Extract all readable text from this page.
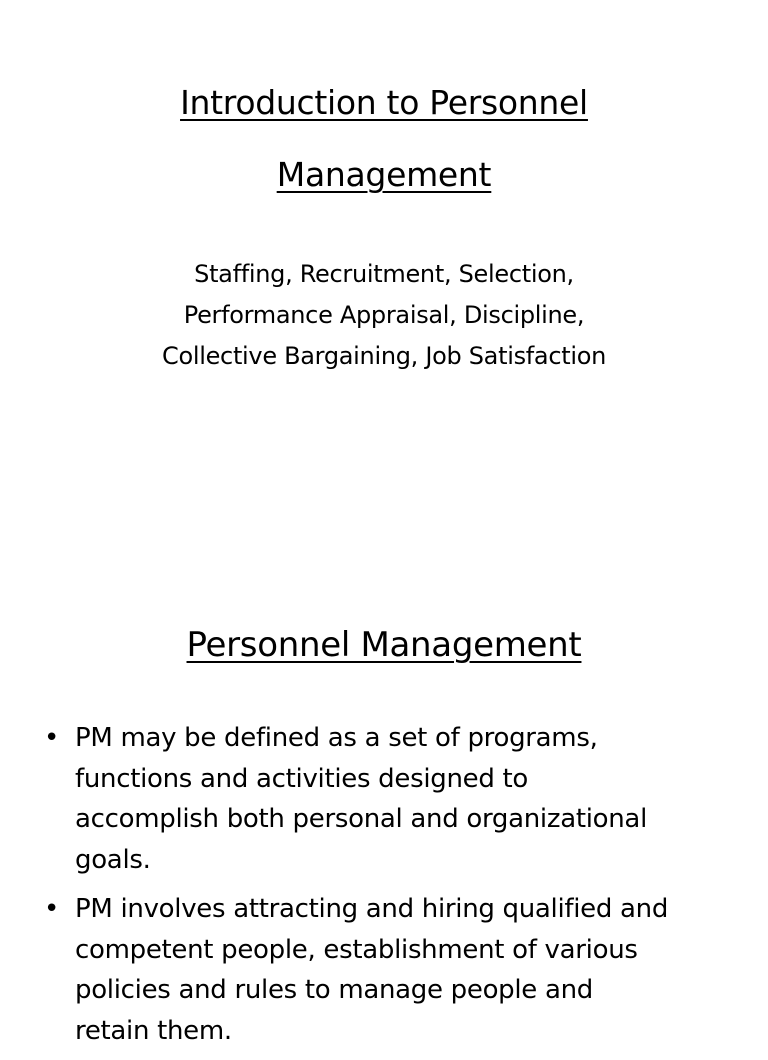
Introduction to Personnel
Management
Staffing, Recruitment, Selection,
Performance Appraisal, Discipline,
Collective Bargaining, Job Satisfaction
Personnel Management
• PM may be defined as a set of programs,
functions and activities designed to
accomplish both personal and organizational
goals.
• PM involves attracting and hiring qualified and
competent people, establishment of various
policies and rules to manage people and
retain them.
